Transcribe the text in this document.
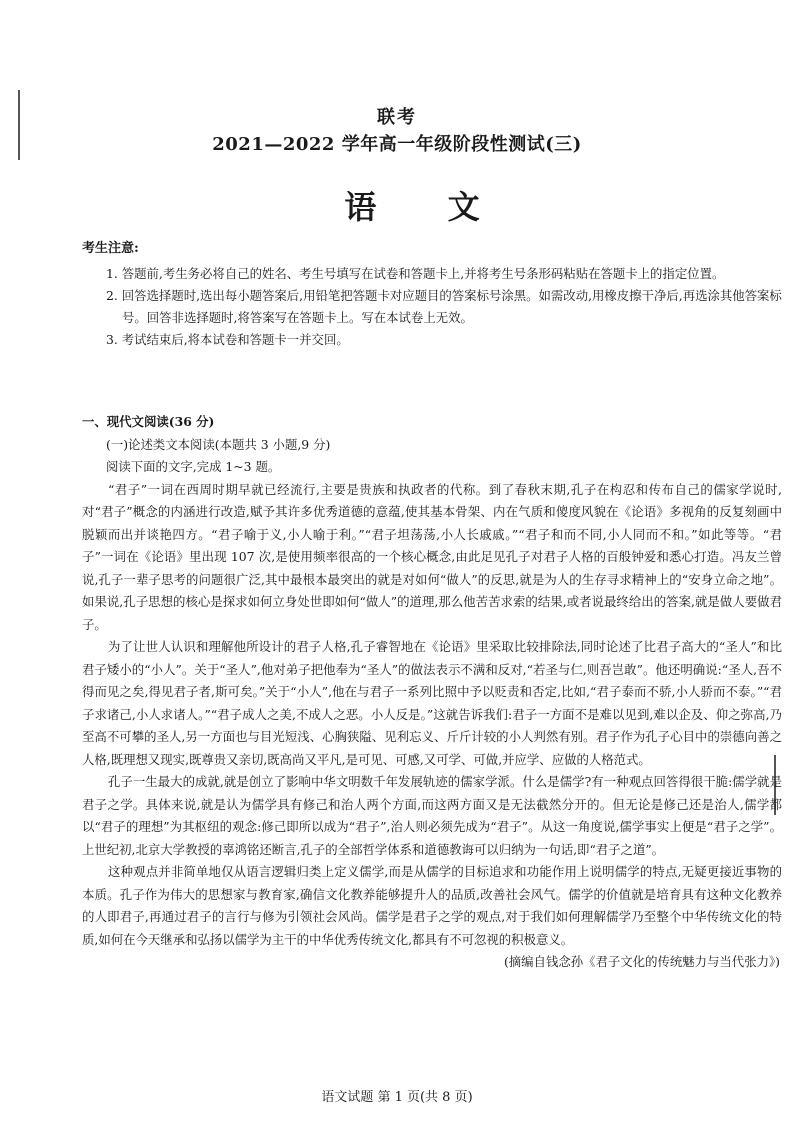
联考
2021—2022 学年高一年级阶段性测试(三)
语 文
考生注意:

1. 答题前,考生务必将自己的姓名、考生号填写在试卷和答题卡上,并将考生号条形码粘贴在答题卡上的指定位置。

2. 回答选择题时,选出每小题答案后,用铅笔把答题卡对应题目的答案标号涂黑。如需改动,用橡皮擦干净后,再选涂其他答案标号。回答非选择题时,将答案写在答题卡上。写在本试卷上无效。

3. 考试结束后,将本试卷和答题卡一并交回。

一、现代文阅读(36 分)

(一)论述类文本阅读(本题共 3 小题,9 分)

阅读下面的文字,完成 1~3 题。

“君子”一词在西周时期早就已经流行,主要是贵族和执政者的代称。到了春秋末期,孔子在构忍和传布自己的儒家学说时,对“君子”概念的内涵进行改造,赋予其许多优秀道德的意蕴,使其基本骨架、内在气质和傻度风貌在《论语》多视角的反复刻画中脱颖而出并谈艳四方。“君子喻于义,小人喻于利。”“君子坦荡荡,小人长戚戚。”“君子和而不同,小人同而不和。”如此等等。“君子”一词在《论语》里出现 107 次,是使用频率很高的一个核心概念,由此足见孔子对君子人格的百般钟爱和悉心打造。冯友兰曾说,孔子一辈子思考的问题很广泛,其中最根本最突出的就是对如何“做人”的反思,就是为人的生存寻求精神上的“安身立命之地”。如果说,孔子思想的核心是探求如何立身处世即如何“做人”的道理,那么他苦苦求索的结果,或者说最终给出的答案,就是做人要做君子。

为了让世人认识和理解他所设计的君子人格,孔子睿智地在《论语》里采取比较排除法,同时论述了比君子高大的“圣人”和比君子矮小的“小人”。关于“圣人”,他对弟子把他奉为“圣人”的做法表示不满和反对,“若圣与仁,则吾岂敢”。他还明确说:“圣人,吾不得而见之矣,得见君子者,斯可矣。”关于“小人”,他在与君子一系列比照中予以贬责和否定,比如,“君子泰而不骄,小人骄而不泰。”“君子求诸己,小人求诸人。”“君子成人之美,不成人之恶。小人反是。”这就告诉我们:君子一方面不是难以见到,难以企及、仰之弥高,乃至高不可攀的圣人,另一方面也与目光短浅、心胸狭隘、见利忘义、斤斤计较的小人判然有别。君子作为孔子心目中的崇德向善之人格,既理想又现实,既尊贵又亲切,既高尚又平凡,是可见、可感,又可学、可做,并应学、应做的人格范式。

孔子一生最大的成就,就是创立了影响中华文明数千年发展轨迹的儒家学派。什么是儒学?有一种观点回答得很干脆:儒学就是君子之学。具体来说,就是认为儒学具有修己和治人两个方面,而这两方面又是无法截然分开的。但无论是修己还是治人,儒学都以“君子的理想”为其枢纽的观念:修己即所以成为“君子”,治人则必须先成为“君子”。从这一角度说,儒学事实上便是“君子之学”。上世纪初,北京大学教授的辜鸿铭还断言,孔子的全部哲学体系和道德教诲可以归纳为一句话,即“君子之道”。

这种观点并非简单地仅从语言逻辑归类上定义儒学,而是从儒学的目标追求和功能作用上说明儒学的特点,无疑更接近事物的本质。孔子作为伟大的思想家与教育家,确信文化教养能够提升人的品质,改善社会风气。儒学的价值就是培育具有这种文化教养的人即君子,再通过君子的言行与修为引领社会风尚。儒学是君子之学的观点,对于我们如何理解儒学乃至整个中华传统文化的特质,如何在今天继承和弘扬以儒学为主干的中华优秀传统文化,都具有不可忽视的积极意义。

(摘编自钱念孙《君子文化的传统魅力与当代张力》)

语文试题 第 1 页(共 8 页)
